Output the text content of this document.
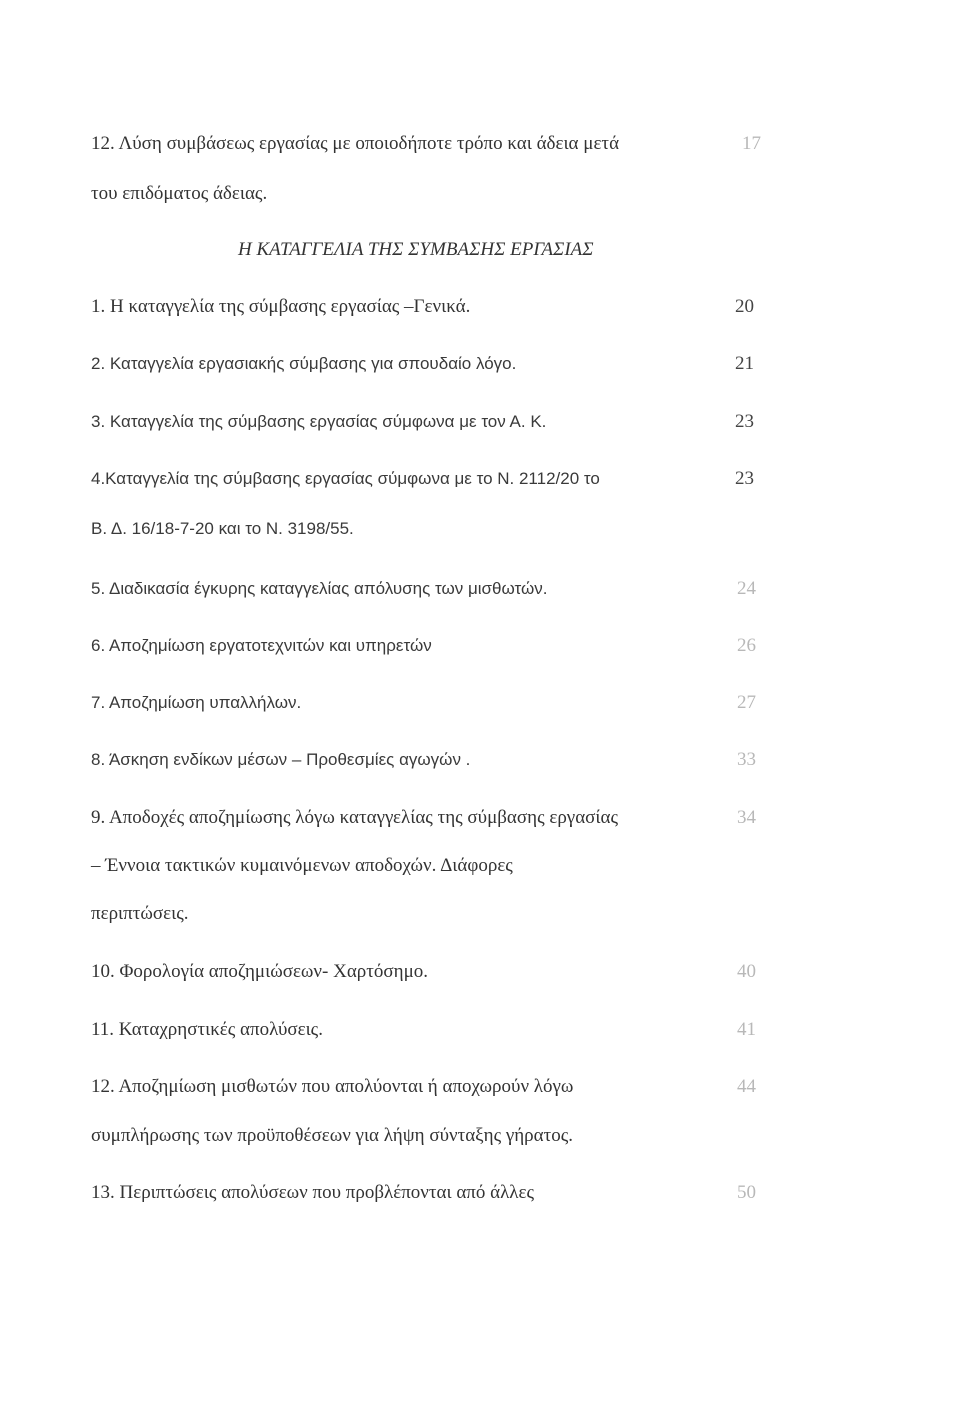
12. Λύση συμβάσεως εργασίας με οποιοδήποτε τρόπο και άδεια μετά	17
του επιδόματος άδειας.
Η ΚΑΤΑΓΓΕΛΙΑ ΤΗΣ ΣΥΜΒΑΣΗΣ ΕΡΓΑΣΙΑΣ
1. Η καταγγελία της σύμβασης εργασίας –Γενικά.	20
2. Καταγγελία εργασιακής σύμβασης για σπουδαίο λόγο.	21
3. Καταγγελία της σύμβασης εργασίας σύμφωνα με τον Α. Κ.	23
4.Καταγγελία της σύμβασης εργασίας σύμφωνα με το Ν. 2112/20 το	23
Β. Δ. 16/18-7-20 και το Ν. 3198/55.
5. Διαδικασία έγκυρης καταγγελίας απόλυσης των μισθωτών.	24
6. Αποζημίωση εργατοτεχνιτών και υπηρετών	26
7. Αποζημίωση υπαλλήλων.	27
8. Άσκηση ενδίκων μέσων – Προθεσμίες αγωγών .	33
9. Αποδοχές αποζημίωσης λόγω καταγγελίας της σύμβασης εργασίας	34
– Έννοια τακτικών κυμαινόμενων αποδοχών. Διάφορες
περιπτώσεις.
10. Φορολογία αποζημιώσεων- Χαρτόσημο.	40
11. Καταχρηστικές απολύσεις.	41
12. Αποζημίωση μισθωτών που απολύονται ή αποχωρούν λόγω	44
συμπλήρωσης των προϋποθέσεων για λήψη σύνταξης γήρατος.
13. Περιπτώσεις απολύσεων που προβλέπονται από άλλες	50
